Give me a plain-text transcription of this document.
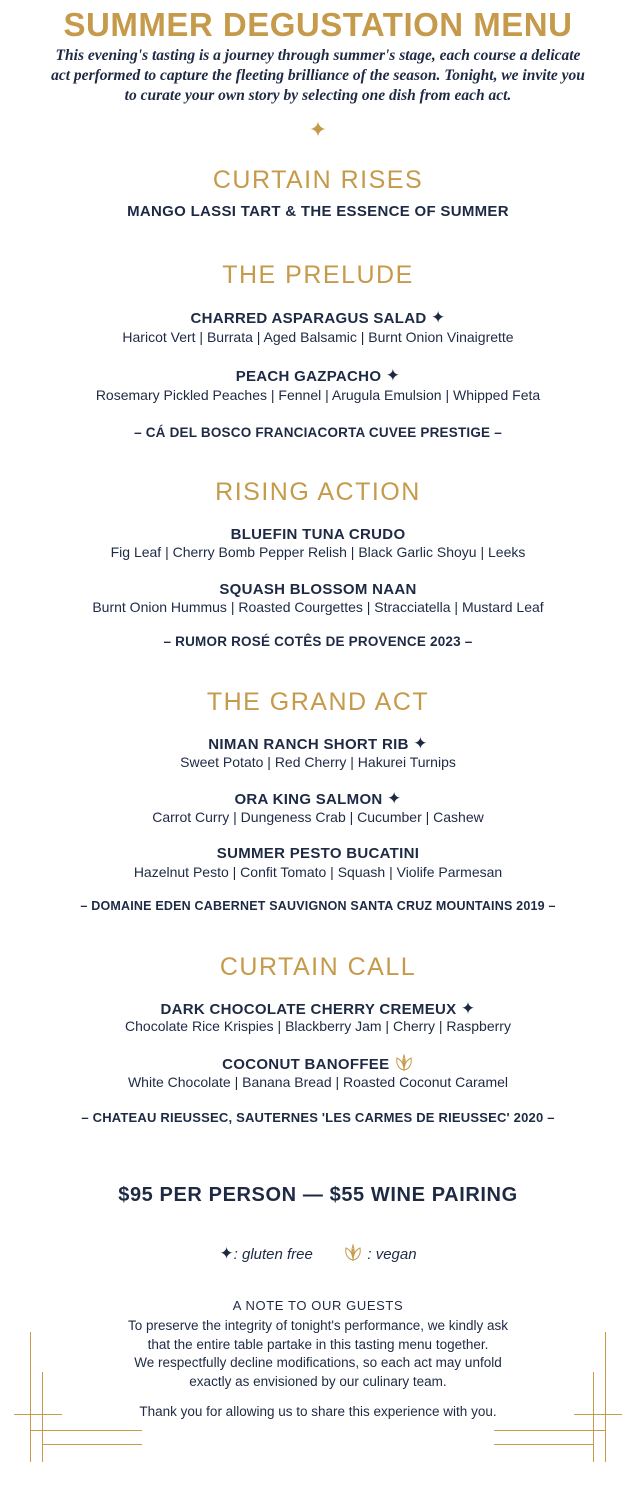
SUMMER DEGUSTATION MENU
This evening's tasting is a journey through summer's stage, each course a delicate act performed to capture the fleeting brilliance of the season. Tonight, we invite you to curate your own story by selecting one dish from each act.
✦
CURTAIN RISES
MANGO LASSI TART & THE ESSENCE OF SUMMER
THE PRELUDE
CHARRED ASPARAGUS SALAD ✦
Haricot Vert | Burrata | Aged Balsamic | Burnt Onion Vinaigrette
PEACH GAZPACHO ✦
Rosemary Pickled Peaches | Fennel | Arugula Emulsion | Whipped Feta
– CÁ DEL BOSCO FRANCIACORTA CUVEE PRESTIGE –
RISING ACTION
BLUEFIN TUNA CRUDO
Fig Leaf | Cherry Bomb Pepper Relish | Black Garlic Shoyu | Leeks
SQUASH BLOSSOM NAAN
Burnt Onion Hummus | Roasted Courgettes | Stracciatella | Mustard Leaf
– RUMOR ROSÉ COTÊS DE PROVENCE 2023 –
THE GRAND ACT
NIMAN RANCH SHORT RIB ✦
Sweet Potato | Red Cherry | Hakurei Turnips
ORA KING SALMON ✦
Carrot Curry | Dungeness Crab | Cucumber | Cashew
SUMMER PESTO BUCATINI
Hazelnut Pesto | Confit Tomato | Squash | Violife Parmesan
– DOMAINE EDEN CABERNET SAUVIGNON SANTA CRUZ MOUNTAINS 2019 –
CURTAIN CALL
DARK CHOCOLATE CHERRY CREMEUX ✦
Chocolate Rice Krispies | Blackberry Jam | Cherry | Raspberry
COCONUT BANOFFEE
White Chocolate | Banana Bread | Roasted Coconut Caramel
– CHATEAU RIEUSSEC, SAUTERNES 'LES CARMES DE RIEUSSEC' 2020 –
$95 PER PERSON — $55 WINE PAIRING
✦: gluten free	: vegan
A NOTE TO OUR GUESTS
To preserve the integrity of tonight's performance, we kindly ask
that the entire table partake in this tasting menu together.
We respectfully decline modifications, so each act may unfold
exactly as envisioned by our culinary team.
Thank you for allowing us to share this experience with you.
